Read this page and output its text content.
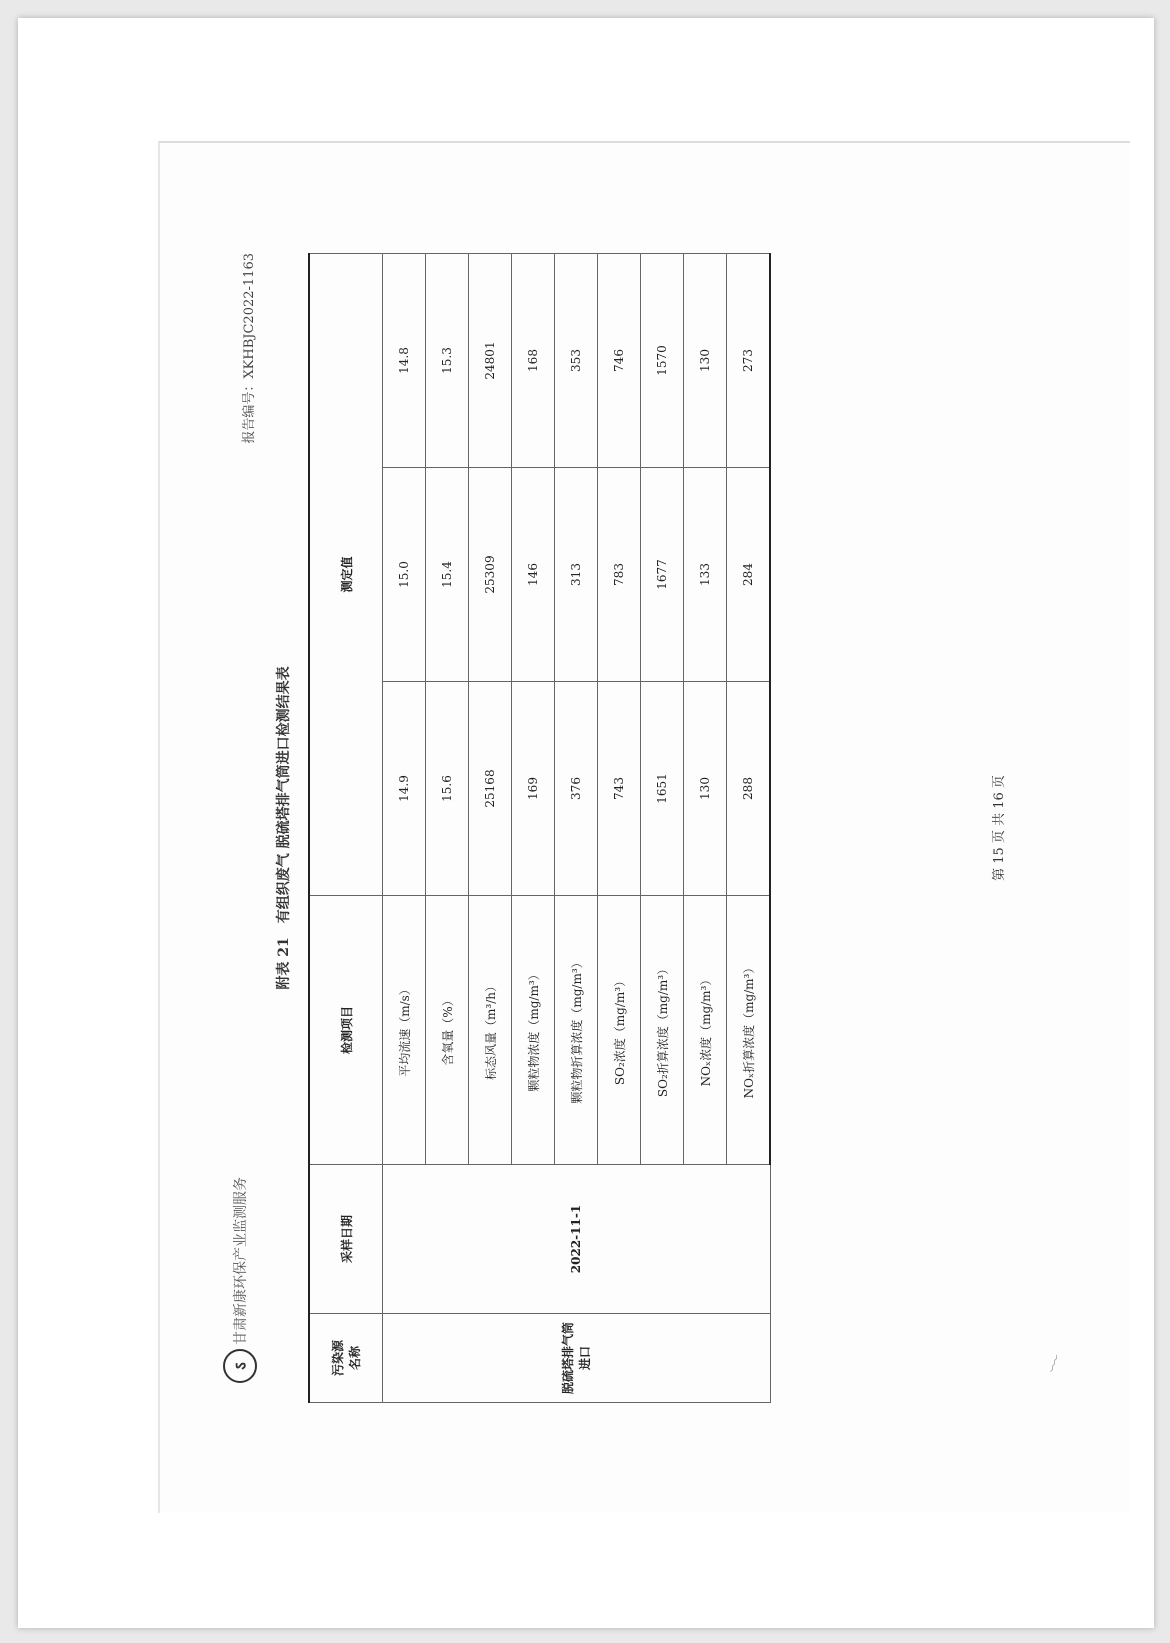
ऽ
甘肃新康环保产业监测服务
报告编号：XKHBJC2022-1163
附表 21　有组织废气 脱硫塔排气筒进口检测结果表
污染源 名称	采样日期	检测项目	测定值		
脱硫塔排气筒进口	2022-11-1	平均流速（m/s）	14.9	15.0	14.8
		含氧量（%）	15.6	15.4	15.3
		标态风量（m³/h）	25168	25309	24801
		颗粒物浓度（mg/m³）	169	146	168
		颗粒物折算浓度（mg/m³）	376	313	353
		SO₂浓度（mg/m³）	743	783	746
		SO₂折算浓度（mg/m³）	1651	1677	1570
		NOₓ浓度（mg/m³）	130	133	130
		NOₓ折算浓度（mg/m³）	288	284	273
第 15 页 共 16 页
﹏
